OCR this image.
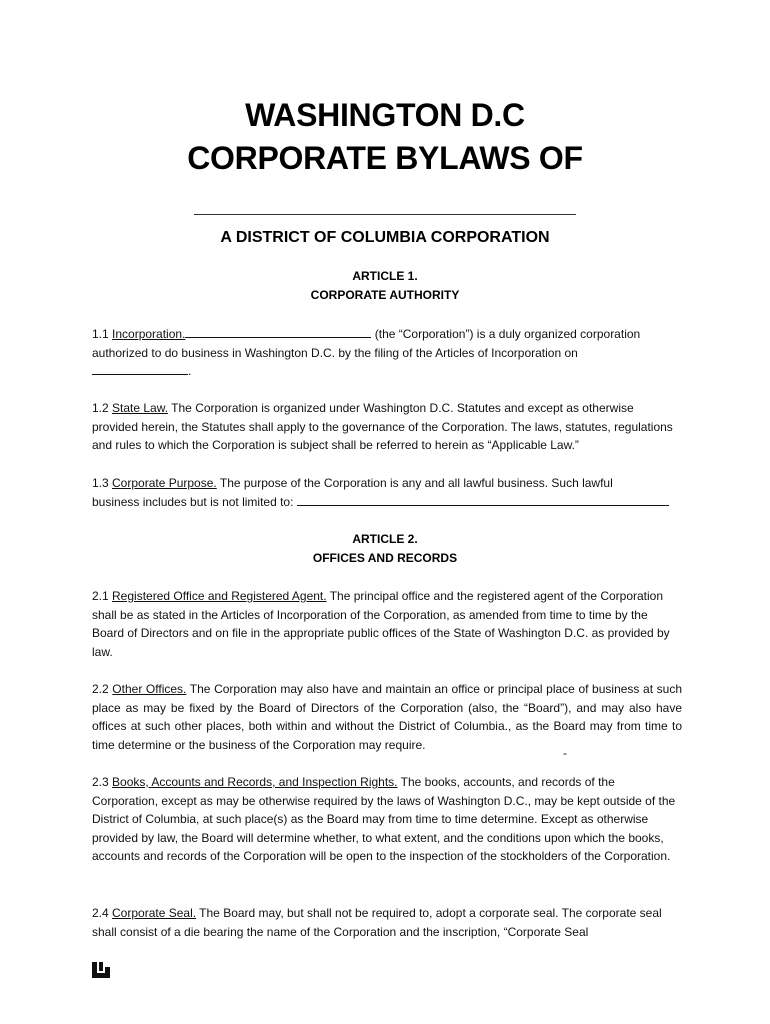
WASHINGTON D.C
CORPORATE BYLAWS OF
A DISTRICT OF COLUMBIA CORPORATION
ARTICLE 1.
CORPORATE AUTHORITY
1.1 Incorporation.	(the “Corporation”) is a duly organized corporation
authorized to do business in Washington D.C. by the filing of the Articles of Incorporation on
.
1.2 State Law. The Corporation is organized under Washington D.C. Statutes and except as otherwise provided herein, the Statutes shall apply to the governance of the Corporation. The laws, statutes, regulations and rules to which the Corporation is subject shall be referred to herein as “Applicable Law.”
1.3 Corporate Purpose. The purpose of the Corporation is any and all lawful business. Such lawful
business includes but is not limited to:
ARTICLE 2.
OFFICES AND RECORDS
2.1 Registered Office and Registered Agent. The principal office and the registered agent of the Corporation shall be as stated in the Articles of Incorporation of the Corporation, as amended from time to time by the Board of Directors and on file in the appropriate public offices of the State of Washington D.C. as provided by law.
2.2 Other Offices. The Corporation may also have and maintain an office or principal place of business at such place as may be fixed by the Board of Directors of the Corporation (also, the “Board”), and may also have offices at such other places, both within and without the District of Columbia., as the Board may from time to time determine or the business of the Corporation may require.
-
2.3 Books, Accounts and Records, and Inspection Rights. The books, accounts, and records of the Corporation, except as may be otherwise required by the laws of Washington D.C., may be kept outside of the District of Columbia, at such place(s) as the Board may from time to time determine. Except as otherwise provided by law, the Board will determine whether, to what extent, and the conditions upon which the books, accounts and records of the Corporation will be open to the inspection of the stockholders of the Corporation.
2.4 Corporate Seal. The Board may, but shall not be required to, adopt a corporate seal. The corporate seal shall consist of a die bearing the name of the Corporation and the inscription, “Corporate Seal
